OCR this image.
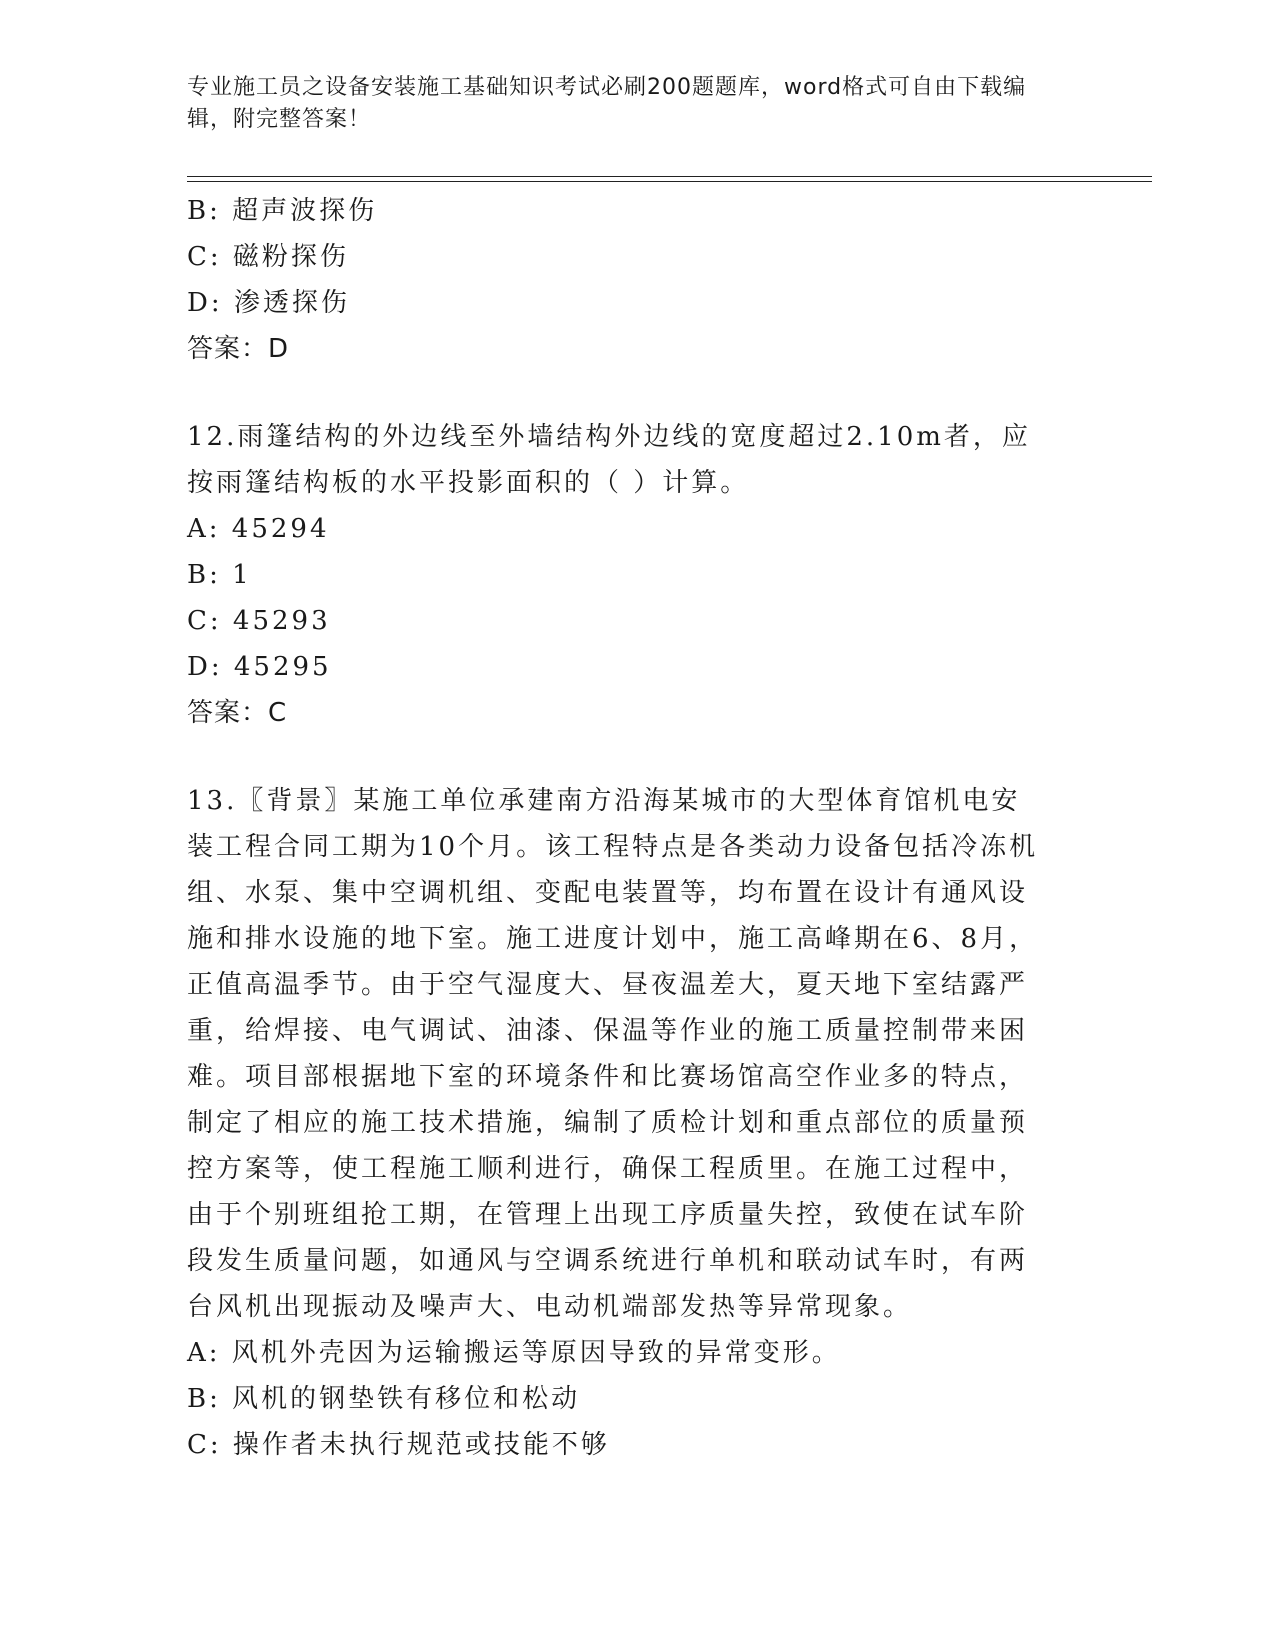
专业施工员之设备安装施工基础知识考试必刷200题题库，word格式可自由下载编辑，附完整答案！
B: 超声波探伤
C: 磁粉探伤
D: 渗透探伤
答案：D
12.雨篷结构的外边线至外墙结构外边线的宽度超过2.10m者，应按雨篷结构板的水平投影面积的（ ）计算。
A: 45294
B: 1
C: 45293
D: 45295
答案：C
13.〖背景〗某施工单位承建南方沿海某城市的大型体育馆机电安装工程合同工期为10个月。该工程特点是各类动力设备包括冷冻机组、水泵、集中空调机组、变配电装置等，均布置在设计有通风设施和排水设施的地下室。施工进度计划中，施工高峰期在6、8月，正值高温季节。由于空气湿度大、昼夜温差大，夏天地下室结露严重，给焊接、电气调试、油漆、保温等作业的施工质量控制带来困难。项目部根据地下室的环境条件和比赛场馆高空作业多的特点，制定了相应的施工技术措施，编制了质检计划和重点部位的质量预控方案等，使工程施工顺利进行，确保工程质里。在施工过程中，由于个别班组抢工期，在管理上出现工序质量失控，致使在试车阶段发生质量问题，如通风与空调系统进行单机和联动试车时，有两台风机出现振动及噪声大、电动机端部发热等异常现象。
A: 风机外壳因为运输搬运等原因导致的异常变形。
B: 风机的钢垫铁有移位和松动
C: 操作者未执行规范或技能不够
